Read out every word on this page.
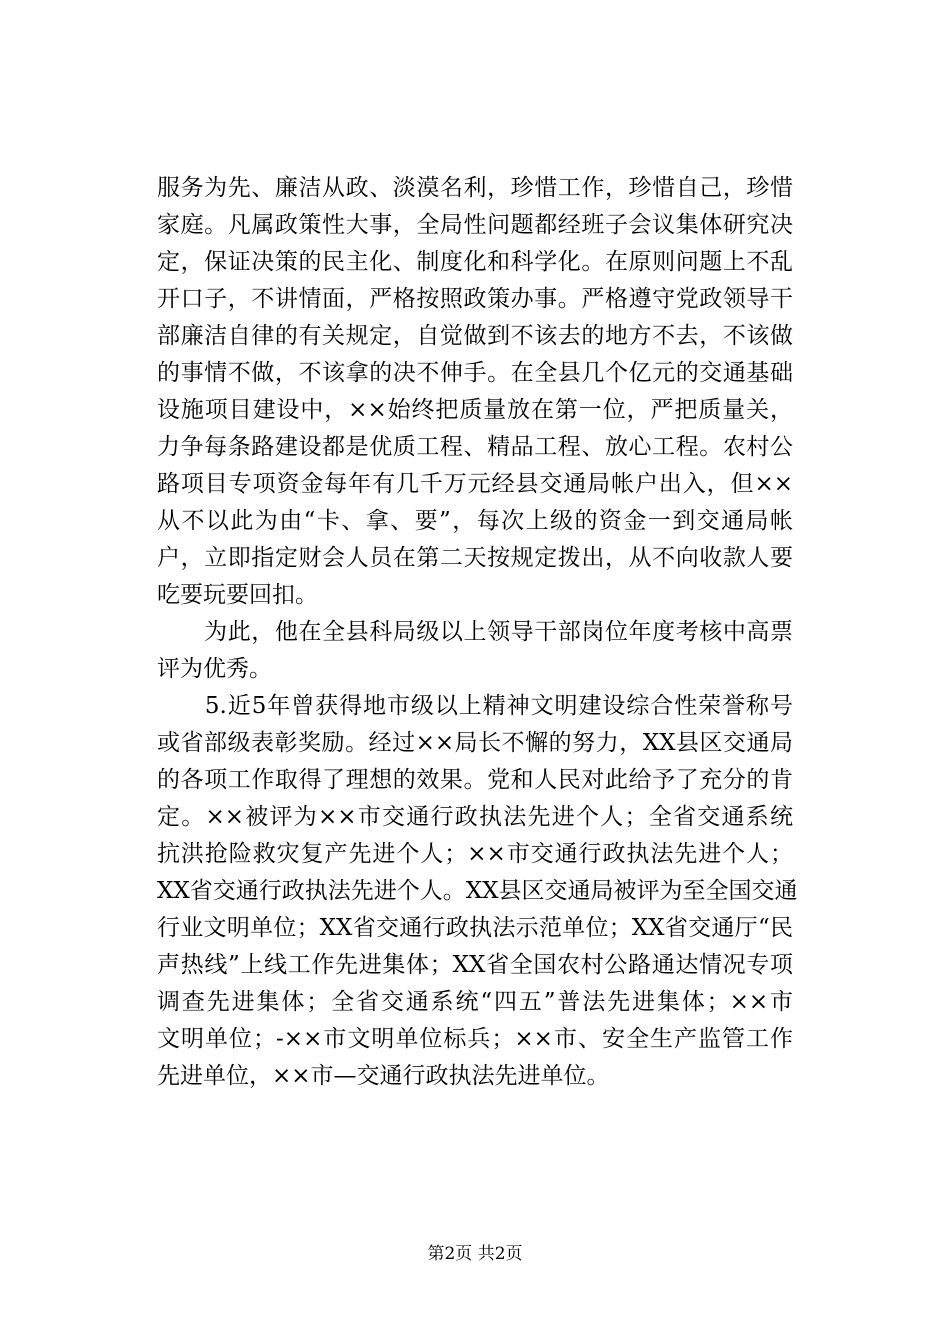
服务为先、廉洁从政、淡漠名利，珍惜工作，珍惜自己，珍惜
家庭。凡属政策性大事，全局性问题都经班子会议集体研究决
定，保证决策的民主化、制度化和科学化。在原则问题上不乱
开口子，不讲情面，严格按照政策办事。严格遵守党政领导干
部廉洁自律的有关规定，自觉做到不该去的地方不去，不该做
的事情不做，不该拿的决不伸手。在全县几个亿元的交通基础
设施项目建设中，××始终把质量放在第一位，严把质量关，
力争每条路建设都是优质工程、精品工程、放心工程。农村公
路项目专项资金每年有几千万元经县交通局帐户出入，但××
从不以此为由“卡、拿、要”，每次上级的资金一到交通局帐
户，立即指定财会人员在第二天按规定拨出，从不向收款人要
吃要玩要回扣。
　　为此，他在全县科局级以上领导干部岗位年度考核中高票
评为优秀。
　　5.近5年曾获得地市级以上精神文明建设综合性荣誉称号
或省部级表彰奖励。经过××局长不懈的努力，XX县区交通局
的各项工作取得了理想的效果。党和人民对此给予了充分的肯
定。××被评为××市交通行政执法先进个人；全省交通系统
抗洪抢险救灾复产先进个人；××市交通行政执法先进个人；
XX省交通行政执法先进个人。XX县区交通局被评为至全国交通
行业文明单位；XX省交通行政执法示范单位；XX省交通厅“民
声热线”上线工作先进集体；XX省全国农村公路通达情况专项
调查先进集体；全省交通系统“四五”普法先进集体；××市
文明单位；-××市文明单位标兵；××市、安全生产监管工作
先进单位，××市—交通行政执法先进单位。
第2页 共2页
